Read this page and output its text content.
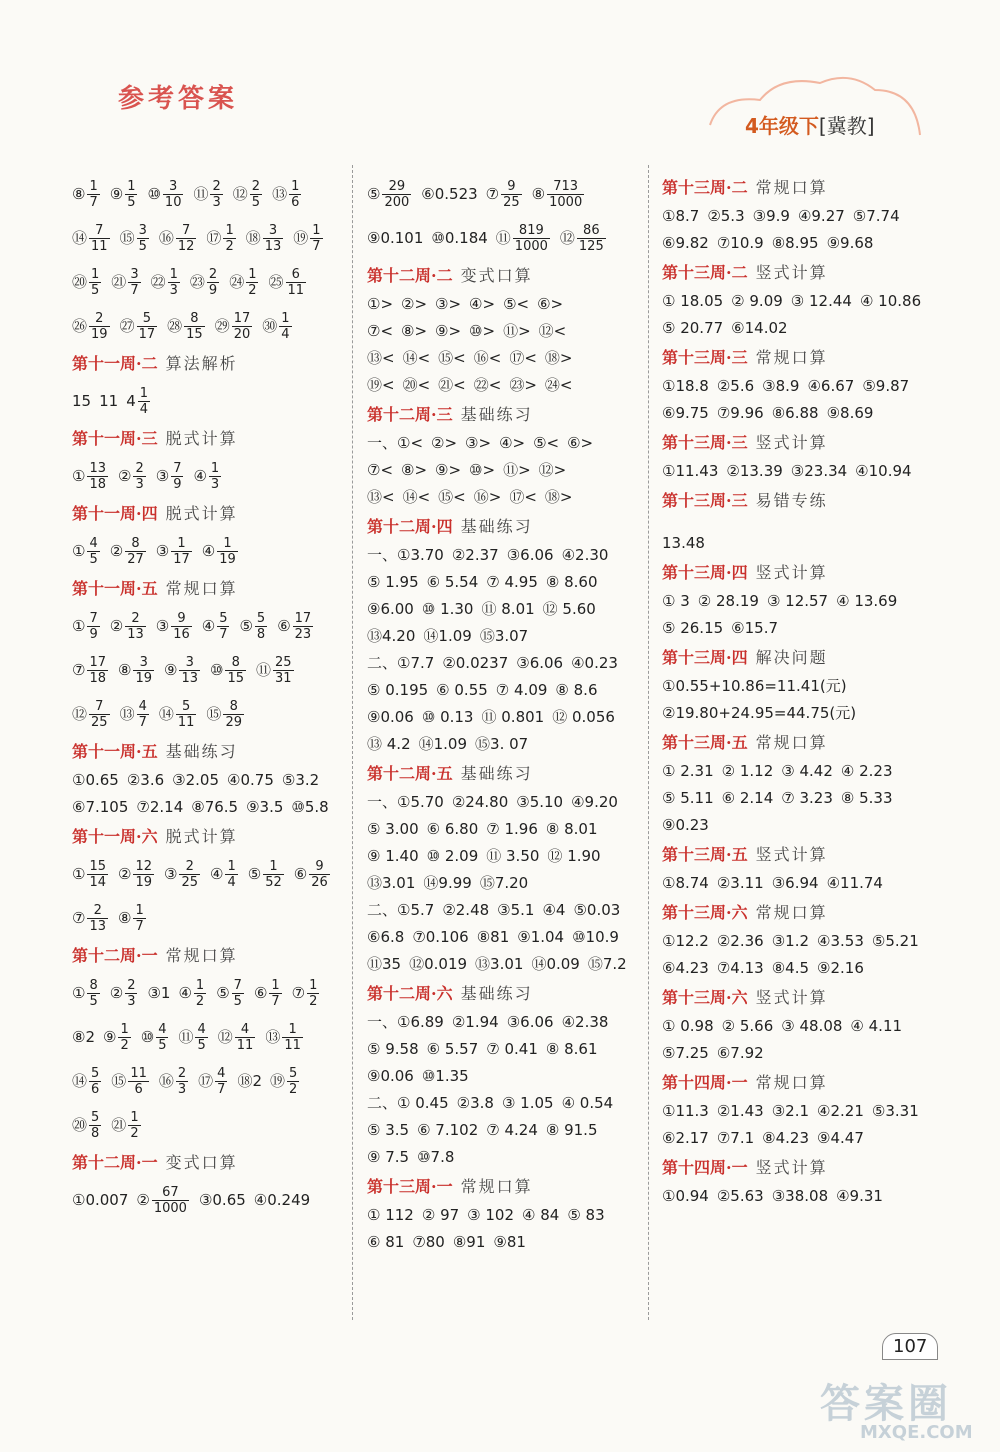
参考答案
4年级下[冀教]
⑧ $\frac{1}{7}$ ⑨ $\frac{1}{5}$ ⑩ $\frac{3}{10}$ ⑪ $\frac{2}{3}$ ⑫ $\frac{2}{5}$ ⑬ $\frac{1}{6}$
⑭ $\frac{7}{11}$ ⑮ $\frac{3}{5}$ ⑯ $\frac{7}{12}$ ⑰ $\frac{1}{2}$ ⑱ $\frac{3}{13}$ ⑲ $\frac{1}{7}$
⑳ $\frac{1}{5}$ ㉑ $\frac{3}{7}$ ㉒ $\frac{1}{3}$ ㉓ $\frac{2}{9}$ ㉔ $\frac{1}{2}$ ㉕ $\frac{6}{11}$
㉖ $\frac{2}{19}$ ㉗ $\frac{5}{17}$ ㉘ $\frac{8}{15}$ ㉙ $\frac{17}{20}$ ㉚ $\frac{1}{4}$
第十一周·二 算法解析
15 11 $4 \frac{1}{4}$
第十一周·三 脱式计算
① $\frac{13}{18}$ ② $\frac{2}{3}$ ③ $\frac{7}{9}$ ④ $\frac{1}{3}$
第十一周·四 脱式计算
① $\frac{4}{5}$ ② $\frac{8}{27}$ ③ $\frac{1}{17}$ ④ $\frac{1}{19}$
第十一周·五 常规口算
① $\frac{7}{9}$ ② $\frac{2}{13}$ ③ $\frac{9}{16}$ ④ $\frac{5}{7}$ ⑤ $\frac{5}{8}$ ⑥ $\frac{17}{23}$
⑦ $\frac{17}{18}$ ⑧ $\frac{3}{19}$ ⑨ $\frac{3}{13}$ ⑩ $\frac{8}{15}$ ⑪ $\frac{25}{31}$
⑫ $\frac{7}{25}$ ⑬ $\frac{4}{7}$ ⑭ $\frac{5}{11}$ ⑮ $\frac{8}{29}$
第十一周·五 基础练习
①0.65 ②3.6 ③2.05 ④0.75 ⑤3.2
⑥7.105 ⑦2.14 ⑧76.5 ⑨3.5 ⑩5.8
第十一周·六 脱式计算
① $\frac{15}{14}$ ② $\frac{12}{19}$ ③ $\frac{2}{25}$ ④ $\frac{1}{4}$ ⑤ $\frac{1}{52}$ ⑥ $\frac{9}{26}$
⑦ $\frac{2}{13}$ ⑧ $\frac{1}{7}$
第十二周·一 常规口算
① $\frac{8}{5}$ ② $\frac{2}{3}$ ③1 ④ $\frac{1}{2}$ ⑤ $\frac{7}{5}$ ⑥ $\frac{1}{7}$ ⑦ $\frac{1}{2}$
⑧2 ⑨ $\frac{1}{2}$ ⑩ $\frac{4}{5}$ ⑪ $\frac{4}{5}$ ⑫ $\frac{4}{11}$ ⑬ $\frac{1}{11}$
⑭ $\frac{5}{6}$ ⑮ $\frac{11}{6}$ ⑯ $\frac{2}{3}$ ⑰ $\frac{4}{7}$ ⑱2 ⑲ $\frac{5}{2}$
⑳ $\frac{5}{8}$ ㉑ $\frac{1}{2}$
第十二周·一 变式口算
①0.007 ② $\frac{67}{1000}$ ③0.65 ④0.249
⑤ $\frac{29}{200}$ ⑥0.523 ⑦ $\frac{9}{25}$ ⑧ $\frac{713}{1000}$
⑨0.101 ⑩0.184 ⑪ $\frac{819}{1000}$ ⑫ $\frac{86}{125}$
第十二周·二 变式口算
①> ②> ③> ④> ⑤< ⑥>
⑦< ⑧> ⑨> ⑩> ⑪> ⑫<
⑬< ⑭< ⑮< ⑯< ⑰< ⑱>
⑲< ⑳< ㉑< ㉒< ㉓> ㉔<
第十二周·三 基础练习
一、①< ②> ③> ④> ⑤< ⑥>
⑦< ⑧> ⑨> ⑩> ⑪> ⑫>
⑬< ⑭< ⑮< ⑯> ⑰< ⑱>
第十二周·四 基础练习
一、①3.70 ②2.37 ③6.06 ④2.30
⑤ 1.95 ⑥ 5.54 ⑦ 4.95 ⑧ 8.60
⑨6.00 ⑩ 1.30 ⑪ 8.01 ⑫ 5.60
⑬4.20 ⑭1.09 ⑮3.07
二、①7.7 ②0.0237 ③6.06 ④0.23
⑤ 0.195 ⑥ 0.55 ⑦ 4.09 ⑧ 8.6
⑨0.06 ⑩ 0.13 ⑪ 0.801 ⑫ 0.056
⑬ 4.2 ⑭1.09 ⑮3. 07
第十二周·五 基础练习
一、①5.70 ②24.80 ③5.10 ④9.20
⑤ 3.00 ⑥ 6.80 ⑦ 1.96 ⑧ 8.01
⑨ 1.40 ⑩ 2.09 ⑪ 3.50 ⑫ 1.90
⑬3.01 ⑭9.99 ⑮7.20
二、①5.7 ②2.48 ③5.1 ④4 ⑤0.03
⑥6.8 ⑦0.106 ⑧81 ⑨1.04 ⑩10.9
⑪35 ⑫0.019 ⑬3.01 ⑭0.09 ⑮7.2
第十二周·六 基础练习
一、①6.89 ②1.94 ③6.06 ④2.38
⑤ 9.58 ⑥ 5.57 ⑦ 0.41 ⑧ 8.61
⑨0.06 ⑩1.35
二、① 0.45 ②3.8 ③ 1.05 ④ 0.54
⑤ 3.5 ⑥ 7.102 ⑦ 4.24 ⑧ 91.5
⑨ 7.5 ⑩7.8
第十三周·一 常规口算
① 112 ② 97 ③ 102 ④ 84 ⑤ 83
⑥ 81 ⑦80 ⑧91 ⑨81
第十三周·二 常规口算
①8.7 ②5.3 ③9.9 ④9.27 ⑤7.74
⑥9.82 ⑦10.9 ⑧8.95 ⑨9.68
第十三周·二 竖式计算
① 18.05 ② 9.09 ③ 12.44 ④ 10.86
⑤ 20.77 ⑥14.02
第十三周·三 常规口算
①18.8 ②5.6 ③8.9 ④6.67 ⑤9.87
⑥9.75 ⑦9.96 ⑧6.88 ⑨8.69
第十三周·三 竖式计算
①11.43 ②13.39 ③23.34 ④10.94
第十三周·三 易错专练
13.48
第十三周·四 竖式计算
① 3 ② 28.19 ③ 12.57 ④ 13.69
⑤ 26.15 ⑥15.7
第十三周·四 解决问题
①0.55+10.86=11.41(元)
②19.80+24.95=44.75(元)
第十三周·五 常规口算
① 2.31 ② 1.12 ③ 4.42 ④ 2.23
⑤ 5.11 ⑥ 2.14 ⑦ 3.23 ⑧ 5.33
⑨0.23
第十三周·五 竖式计算
①8.74 ②3.11 ③6.94 ④11.74
第十三周·六 常规口算
①12.2 ②2.36 ③1.2 ④3.53 ⑤5.21
⑥4.23 ⑦4.13 ⑧4.5 ⑨2.16
第十三周·六 竖式计算
① 0.98 ② 5.66 ③ 48.08 ④ 4.11
⑤7.25 ⑥7.92
第十四周·一 常规口算
①11.3 ②1.43 ③2.1 ④2.21 ⑤3.31
⑥2.17 ⑦7.1 ⑧4.23 ⑨4.47
第十四周·一 竖式计算
①0.94 ②5.63 ③38.08 ④9.31
107
答案圈
MXQE.COM
